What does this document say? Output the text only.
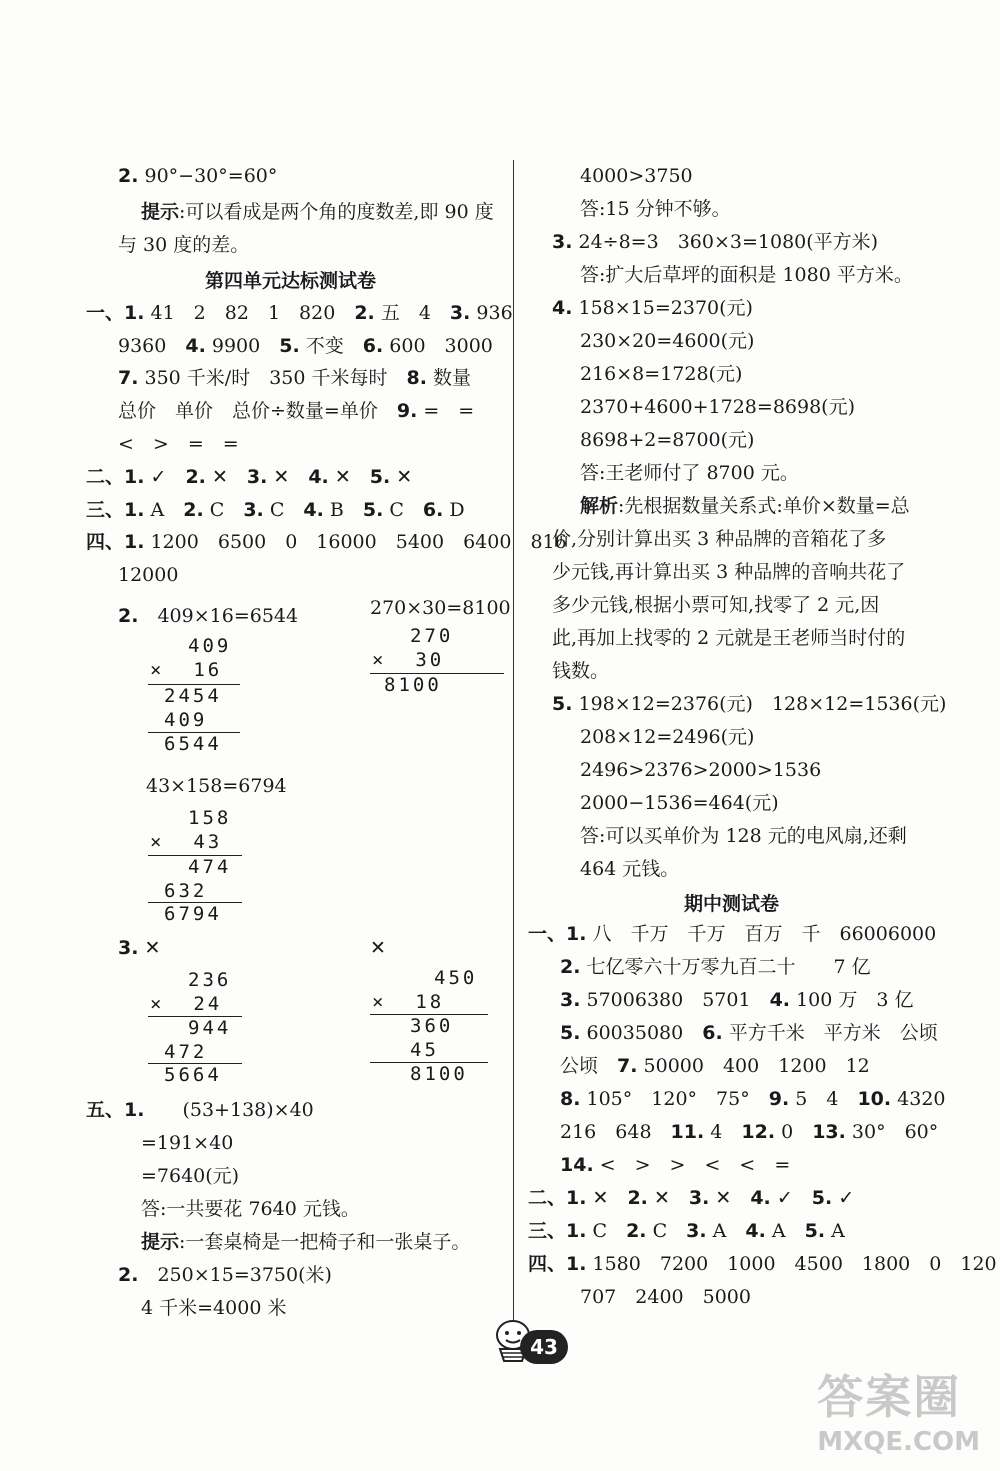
2. 90°−30°=60°
提示:可以看成是两个角的度数差,即 90 度
与 30 度的差。
第四单元达标测试卷
一、1. 41　2　82　1　820　 2. 五　4　 3. 936
9360　 4. 9900　 5. 不变　 6. 600　3000
7. 350 千米/时　350 千米每时　 8. 数量
总价　单价　总价÷数量=单价　 9. =　=
<　>　=　=
二、1. ✓　 2. ✕　 3. ✕　 4. ✕　 5. ✕
三、1. A　 2. C　 3. C　 4. B　 5. C　 6. D
四、1. 1200　6500　0　16000　5400　6400　816
12000
2.　 409×16=6544	270×30=8100
409
×  16
2454
409
6544
270
×  30
8100
43×158=6794
158
×  43
474
632
6794
3. ✕	✕
236
×  24
944
472
5664
450
×  18
360
45
8100
五、1.　　 (53+138)×40
=191×40
=7640(元)
答:一共要花 7640 元钱。
提示:一套桌椅是一把椅子和一张桌子。
2.　 250×15=3750(米)
4 千米=4000 米
4000>3750
答:15 分钟不够。
3. 24÷8=3　360×3=1080(平方米)
答:扩大后草坪的面积是 1080 平方米。
4. 158×15=2370(元)
230×20=4600(元)
216×8=1728(元)
2370+4600+1728=8698(元)
8698+2=8700(元)
答:王老师付了 8700 元。
解析:先根据数量关系式:单价×数量=总
价,分别计算出买 3 种品牌的音箱花了多
少元钱,再计算出买 3 种品牌的音响共花了
多少元钱,根据小票可知,找零了 2 元,因
此,再加上找零的 2 元就是王老师当时付的
钱数。
5. 198×12=2376(元)　128×12=1536(元)
208×12=2496(元)
2496>2376>2000>1536
2000−1536=464(元)
答:可以买单价为 128 元的电风扇,还剩
464 元钱。
期中测试卷
一、1. 八　千万　千万　百万　千　66006000
2. 七亿零六十万零九百二十　　7 亿
3. 57006380　5701　 4. 100 万　3 亿
5. 60035080　 6. 平方千米　平方米　公顷
公顷　 7. 50000　400　1200　12
8. 105°　120°　75°　 9. 5　4　 10. 4320
216　648　 11. 4　 12. 0　 13. 30°　60°
14. <　>　>　<　<　=
二、1. ✕　 2. ✕　 3. ✕　 4. ✓　 5. ✓
三、1. C　 2. C　 3. A　 4. A　 5. A
四、1. 1580　7200　1000　4500　1800　0　120
707　2400　5000
43
答案圈
MXQE.COM
